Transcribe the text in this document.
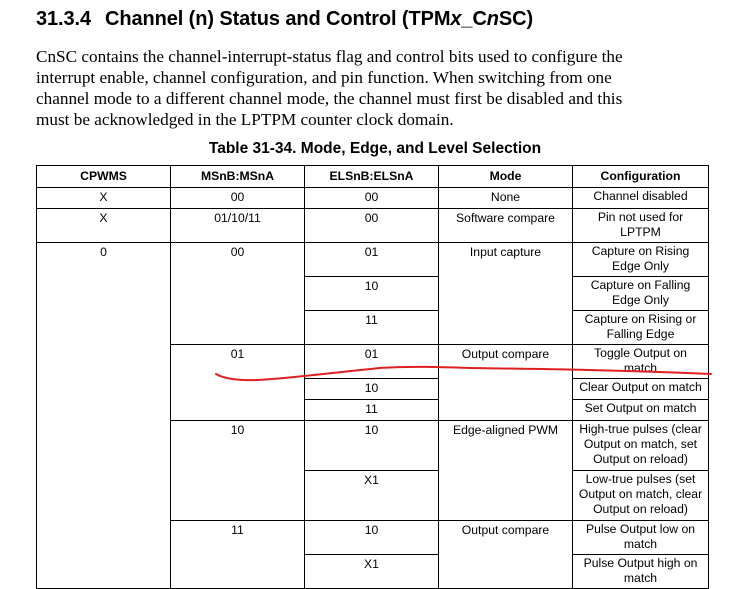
31.3.4 Channel (n) Status and Control (TPMx_CnSC)
CnSC contains the channel-interrupt-status flag and control bits used to configure the
interrupt enable, channel configuration, and pin function. When switching from one
channel mode to a different channel mode, the channel must first be disabled and this
must be acknowledged in the LPTPM counter clock domain.
Table 31-34. Mode, Edge, and Level Selection
CPWMS	MSnB:MSnA	ELSnB:ELSnA	Mode	Configuration
X	00	00	None	Channel disabled
X	01/10/11	00	Software compare	Pin not used for LPTPM
0	00	01	Input capture	Capture on Rising Edge Only
		10		Capture on Falling Edge Only
		11		Capture on Rising or Falling Edge
	01	01	Output compare	Toggle Output on match
		10		Clear Output on match
		11		Set Output on match
	10	10	Edge-aligned PWM	High-true pulses (clear Output on match, set Output on reload)
		X1		Low-true pulses (set Output on match, clear Output on reload)
	11	10	Output compare	Pulse Output low on match
		X1		Pulse Output high on match
